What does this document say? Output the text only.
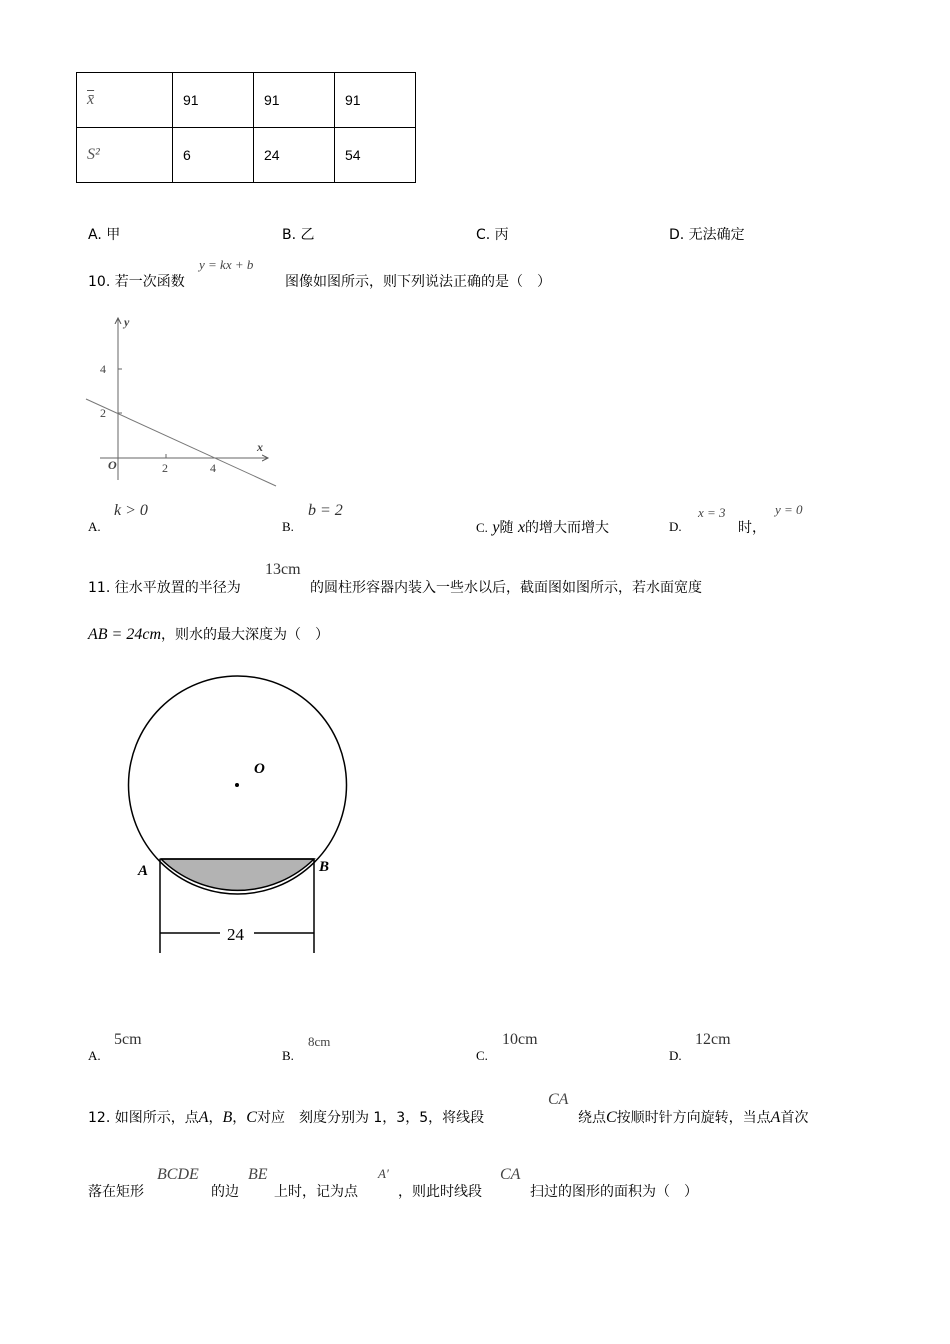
x̄	91	91	91
S²	6	24	54
A. 甲	B. 乙	C. 丙	D. 无法确定
10. 若一次函数
y = kx + b
图像如图所示，则下列说法正确的是（　）
y
x
O
4
2
2	4
A.
k > 0
B.
b = 2
C. y随 x的增大而增大	D.
x = 3
时，
y = 0
11. 往水平放置的半径为
13cm
的圆柱形容器内装入一些水以后，截面图如图所示，若水面宽度
AB = 24cm，则水的最大深度为（　）
O
A	B
24
A.
5cm
B.
8cm
C.
10cm
D.
12cm
12. 如图所示，点A，B，C对应　刻度分别为 1，3，5，将线段
CA
绕点C按顺时针方向旋转，当点A首次
落在矩形
BCDE
的边
BE
上时，记为点
A′
，则此时线段
CA
扫过的图形的面积为（　）
